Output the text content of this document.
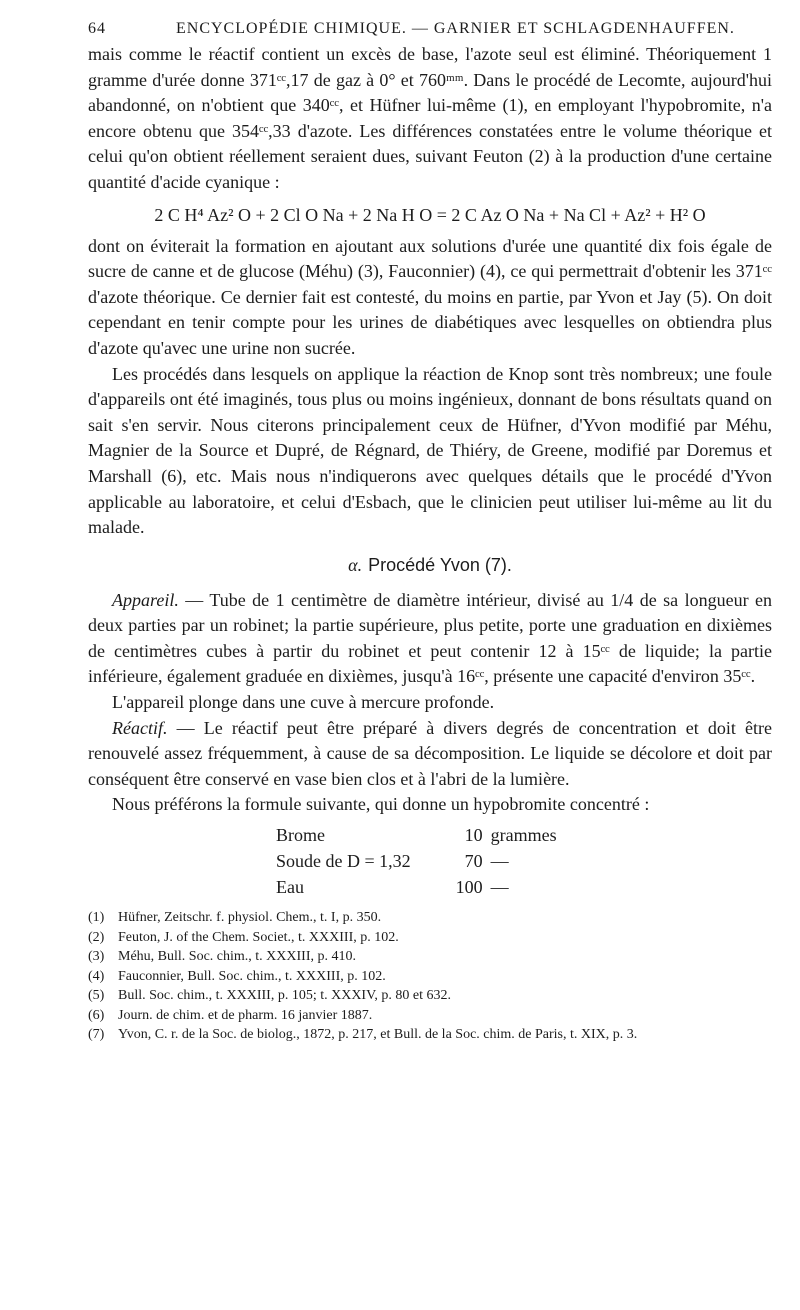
64	ENCYCLOPÉDIE CHIMIQUE. — GARNIER ET SCHLAGDENHAUFFEN.

mais comme le réactif contient un excès de base, l'azote seul est éliminé. Théoriquement 1 gramme d'urée donne 371ᶜᶜ,17 de gaz à 0° et 760ᵐᵐ. Dans le procédé de Lecomte, aujourd'hui abandonné, on n'obtient que 340ᶜᶜ, et Hüfner lui-même (1), en employant l'hypobromite, n'a encore obtenu que 354ᶜᶜ,33 d'azote. Les différences constatées entre le volume théorique et celui qu'on obtient réellement seraient dues, suivant Feuton (2) à la production d'une certaine quantité d'acide cyanique :

2 C H⁴ Az² O + 2 Cl O Na + 2 Na H O = 2 C Az O Na + Na Cl + Az² + H² O

dont on éviterait la formation en ajoutant aux solutions d'urée une quantité dix fois égale de sucre de canne et de glucose (Méhu) (3), Fauconnier) (4), ce qui permettrait d'obtenir les 371ᶜᶜ d'azote théorique. Ce dernier fait est contesté, du moins en partie, par Yvon et Jay (5). On doit cependant en tenir compte pour les urines de diabétiques avec lesquelles on obtiendra plus d'azote qu'avec une urine non sucrée.

Les procédés dans lesquels on applique la réaction de Knop sont très nombreux; une foule d'appareils ont été imaginés, tous plus ou moins ingénieux, donnant de bons résultats quand on sait s'en servir. Nous citerons principalement ceux de Hüfner, d'Yvon modifié par Méhu, Magnier de la Source et Dupré, de Régnard, de Thiéry, de Greene, modifié par Doremus et Marshall (6), etc. Mais nous n'indiquerons avec quelques détails que le procédé d'Yvon applicable au laboratoire, et celui d'Esbach, que le clinicien peut utiliser lui-même au lit du malade.

α. Procédé Yvon (7).

Appareil. — Tube de 1 centimètre de diamètre intérieur, divisé au 1/4 de sa longueur en deux parties par un robinet; la partie supérieure, plus petite, porte une graduation en dixièmes de centimètres cubes à partir du robinet et peut contenir 12 à 15ᶜᶜ de liquide; la partie inférieure, également graduée en dixièmes, jusqu'à 16ᶜᶜ, présente une capacité d'environ 35ᶜᶜ.

L'appareil plonge dans une cuve à mercure profonde.

Réactif. — Le réactif peut être préparé à divers degrés de concentration et doit être renouvelé assez fréquemment, à cause de sa décomposition. Le liquide se décolore et doit par conséquent être conservé en vase bien clos et à l'abri de la lumière.

Nous préférons la formule suivante, qui donne un hypobromite concentré :

Brome	10	grammes
Soude de D = 1,32	70	—
Eau	100	—
(1) Hüfner, Zeitschr. f. physiol. Chem., t. I, p. 350.
(2) Feuton, J. of the Chem. Societ., t. XXXIII, p. 102.
(3) Méhu, Bull. Soc. chim., t. XXXIII, p. 410.
(4) Fauconnier, Bull. Soc. chim., t. XXXIII, p. 102.
(5) Bull. Soc. chim., t. XXXIII, p. 105; t. XXXIV, p. 80 et 632.
(6) Journ. de chim. et de pharm. 16 janvier 1887.
(7) Yvon, C. r. de la Soc. de biolog., 1872, p. 217, et Bull. de la Soc. chim. de Paris, t. XIX, p. 3.
